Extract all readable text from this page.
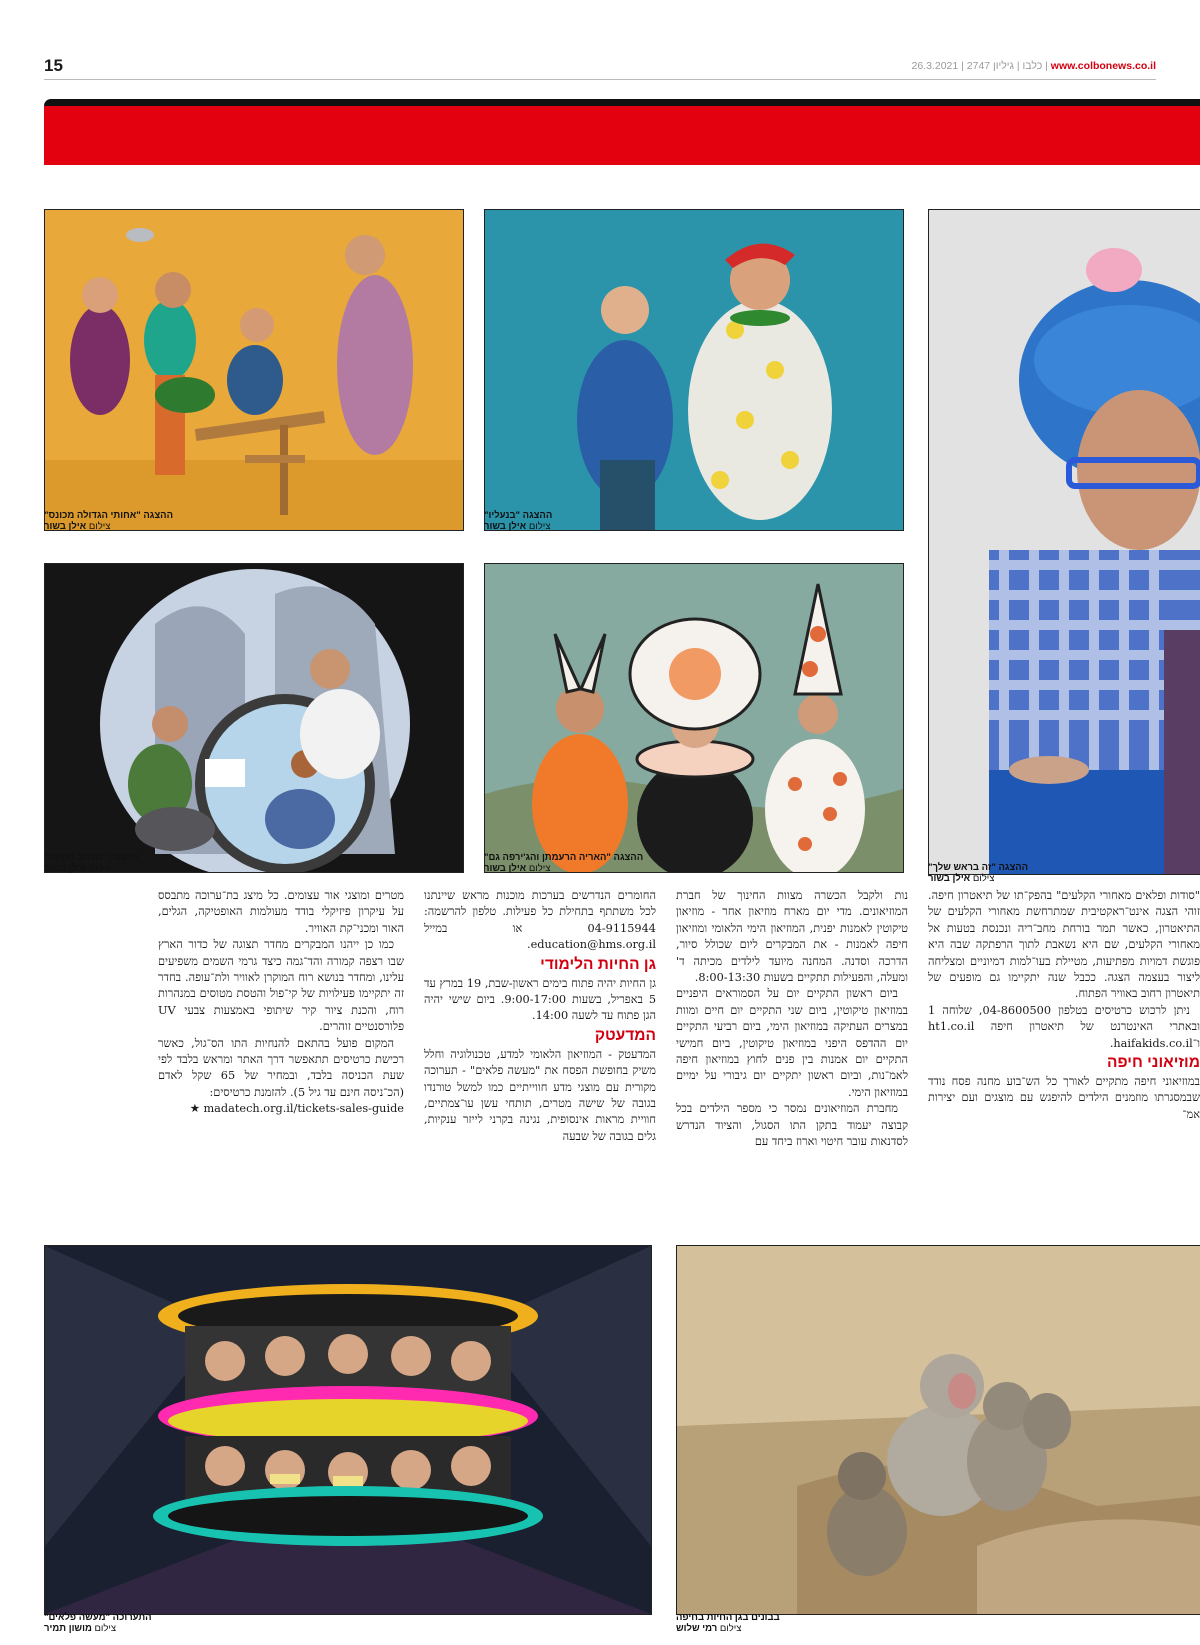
15	www.colbonews.co.il | כלבו | גיליון 2747 | 26.3.2021
ההצגה "אחותי הגדולה מכונס"
צילום אילן בשור
ההצגה "בנעליו"
צילום אילן בשור
ההצגה "זה בראש שלך"
צילום אילן בשור
ההצגה "מכתב הקסם"
צילום אילן בשור
ההצגה "האריה הרעמתן והג'ירפה גם"
צילום אילן בשור

"סודות ופלאים מאחורי הקלעים" בהפק־תו של תיאטרון חיפה. זוהי הצגה אינט־ראקטיבית שמתרחשת מאחורי הקלעים של התיאטרון, כאשר תמר בורחת מחב־ריה ונכנסת בטעות אל מאחורי הקלעים, שם היא נשאבת לתוך הרפתקה שבה היא פוגשת דמויות מפתיעות, מטיילת בעו־למות דמיוניים ומצליחה ליצור בעצמה הצגה. ככבל שנה יתקיימו גם מופעים של תיאטרון רחוב באוויר הפתוח.

ניתן לרכוש כרטיסים בטלפון 04-8600500, שלוחה 1 ובאתרי האינטרנט של תיאטרון חיפה ht1.co.il ו־haifakids.co.il.

מוזיאוני חיפה

במוזיאוני חיפה מתקיים לאורך כל הש־בוע מחנה פסח נודד שבמסגרתו מוזמנים הילדים להיפגש עם מוצגים ועם יצירות אמ־

נות ולקבל הכשרה מצוות החינוך של חברת המוזיאונים. מדי יום מארח מוזיאון אחר - מוזיאון טיקוטין לאמנות יפנית, המוזיאון הימי הלאומי ומוזיאון חיפה לאמנות - את המבקרים ליום שכולל סיור, הדרכה וסדנה. המחנה מיועד לילדים מכיתה ד' ומעלה, והפעילות תתקיים בשעות 8:00-13:30.

ביום ראשון התקיים יום על הסמוראים היפניים במוזיאון טיקוטין, ביום שני התקיים יום חיים ומוות במצרים העתיקה במוזיאון הימי, ביום רביעי התקיים יום ההדפס היפני במוזיאון טיקוטין, ביום חמישי התקיים יום אמנות בין פנים לחוץ במוזיאון חיפה לאמ־נות, וביום ראשון יתקיים יום גיבורי על ימיים במוזיאון הימי.

מחברת המוזיאונים נמסר כי מספר הילדים בכל קבוצה יעמוד בתקן התו הסגול, והציוד הנדרש לסדנאות עובר חיטוי וארוז ביחד עם

החומרים הנדרשים בערכות מוכנות מראש שיינתנו לכל משתתף בתחילת כל פעילות. טלפון להרשמה: 04-9115944 או במייל education@hms.org.il.

גן החיות הלימודי

גן החיות יהיה פתוח בימים ראשון-שבת, 19 במרץ עד 5 באפריל, בשעות 9:00-17:00. ביום שישי יהיה הגן פתוח עד לשעה 14:00.

המדעטק

המדעטק - המוזיאון הלאומי למדע, טכנולוגיה וחלל משיק בחופשת הפסח את "מעשה פלאים" - תערוכה מקורית עם מוצגי מדע חווייתיים כמו למשל טורנדו בגובה של שישה מטרים, תותחי עשן עו־צמתיים, חוויית מראות אינסופית, נגינה בקרני לייזר ענקיות, גלים בגובה של שבעה

מטרים ומוצגי אור עצומים. כל מיצג בת־ערוכה מתבסס על עיקרון פיזיקלי בודד מעולמות האופטיקה, הגלים, האור ומכני־קת האוויר.

כמו כן ייהנו המבקרים מחדר תצוגה של כדור הארץ שבו רצפה קמורה והד־גמה כיצד גרמי השמים משפיעים עלינו, ומחדר בנושא רוח המוקרן לאוויר ולת־עופה. בחדר זה יתקיימו פעילויות של קי־פול והטסת מטוסים במנהרות רוח, והכנת ציור קיר שיתופי באמצעות צבעי UV פלורסנטיים זוהרים.

המקום פועל בהתאם להנחיות התו הס־גול, כאשר רכישת כרטיסים תתאפשר דרך האתר ומראש בלבד לפי שעת הכניסה בלבד, ובמחיר של 65 שקל לאדם (הכ־ניסה חינם עד גיל 5). להזמנת כרטיסים:

madatech.org.il/tickets-sales-guide ★

התערוכה "מעשה פלאים"
צילום מושון תמיר
בבונים בגן החיות בחיפה
צילום רמי שלוש
